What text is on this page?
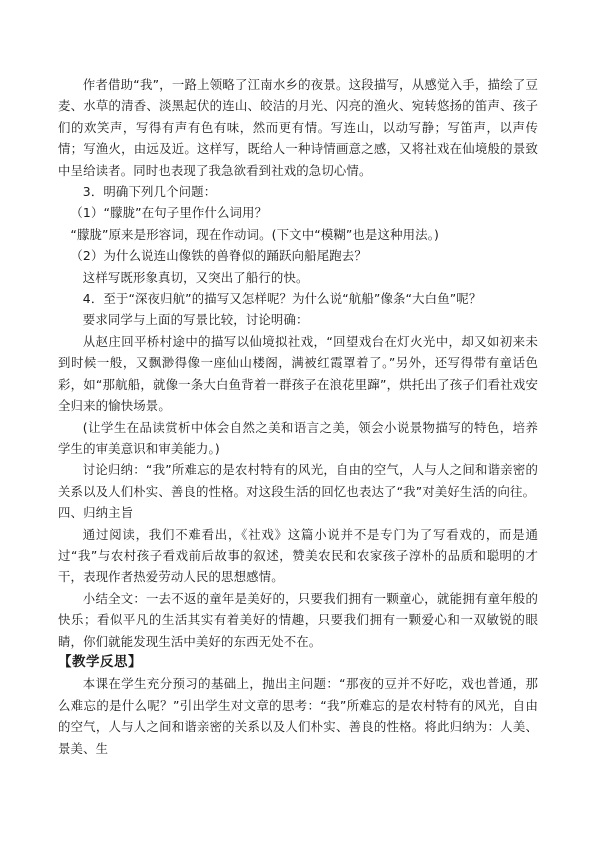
作者借助“我”，一路上领略了江南水乡的夜景。这段描写，从感觉入手，描绘了豆麦、水草的清香、淡黑起伏的连山、皎洁的月光、闪亮的渔火、宛转悠扬的笛声、孩子们的欢笑声，写得有声有色有味，然而更有情。写连山，以动写静；写笛声，以声传情；写渔火，由远及近。这样写，既给人一种诗情画意之感，又将社戏在仙境般的景致中呈给读者。同时也表现了我急欲看到社戏的急切心情。

3．明确下列几个问题：

（1）“朦胧”在句子里作什么词用？

“朦胧”原来是形容词，现在作动词。(下文中“模糊”也是这种用法。)

（2）为什么说连山像铁的兽脊似的踊跃向船尾跑去？

这样写既形象真切，又突出了船行的快。

4．至于“深夜归航”的描写又怎样呢？为什么说“航船”像条“大白鱼”呢？

要求同学与上面的写景比较，讨论明确：

从赵庄回平桥村途中的描写以仙境拟社戏，“回望戏台在灯火光中，却又如初来未到时候一般，又飘渺得像一座仙山楼阁，满被红霞罩着了。”另外，还写得带有童话色彩，如“那航船，就像一条大白鱼背着一群孩子在浪花里蹿”，烘托出了孩子们看社戏安全归来的愉快场景。

(让学生在品读赏析中体会自然之美和语言之美，领会小说景物描写的特色，培养学生的审美意识和审美能力。)

讨论归纳：“我”所难忘的是农村特有的风光，自由的空气，人与人之间和谐亲密的关系以及人们朴实、善良的性格。对这段生活的回忆也表达了“我”对美好生活的向往。

四、归纳主旨

通过阅读，我们不难看出，《社戏》这篇小说并不是专门为了写看戏的，而是通过“我”与农村孩子看戏前后故事的叙述，赞美农民和农家孩子淳朴的品质和聪明的才干，表现作者热爱劳动人民的思想感情。

小结全文：一去不返的童年是美好的，只要我们拥有一颗童心，就能拥有童年般的快乐；看似平凡的生活其实有着美好的情趣，只要我们拥有一颗爱心和一双敏锐的眼睛，你们就能发现生活中美好的东西无处不在。

【教学反思】

本课在学生充分预习的基础上，抛出主问题：“那夜的豆并不好吃，戏也普通，那么难忘的是什么呢？”引出学生对文章的思考：“我”所难忘的是农村特有的风光，自由的空气，人与人之间和谐亲密的关系以及人们朴实、善良的性格。将此归纳为：人美、景美、生
